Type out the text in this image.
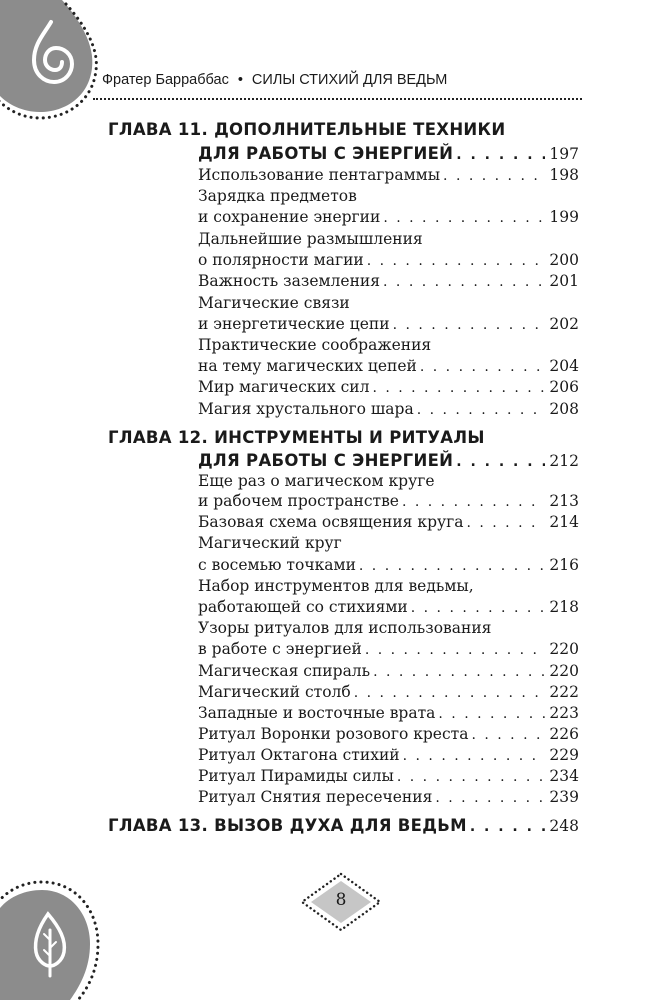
Фратер Барраббас • СИЛЫ СТИХИЙ ДЛЯ ВЕДЬМ
ГЛАВА 11. ДОПОЛНИТЕЛЬНЫЕ ТЕХНИКИ
ДЛЯ РАБОТЫ С ЭНЕРГИЕЙ . . .	197
Использование пентаграммы . . .	198
Зарядка предметов
и сохранение энергии . . .	199
Дальнейшие размышления
о полярности магии . . .	200
Важность заземления . . .	201
Магические связи
и энергетические цепи . . .	202
Практические соображения
на тему магических цепей . . .	204
Мир магических сил . . .	206
Магия хрустального шара . . .	208
ГЛАВА 12. ИНСТРУМЕНТЫ И РИТУАЛЫ
ДЛЯ РАБОТЫ С ЭНЕРГИЕЙ . . .	212
Еще раз о магическом круге
и рабочем пространстве . . .	213
Базовая схема освящения круга . . .	214
Магический круг
с восемью точками . . .	216
Набор инструментов для ведьмы,
работающей со стихиями . . .	218
Узоры ритуалов для использования
в работе с энергией . . .	220
Магическая спираль . . .	220
Магический столб . . .	222
Западные и восточные врата . . .	223
Ритуал Воронки розового креста . . .	226
Ритуал Октагона стихий . . .	229
Ритуал Пирамиды силы . . .	234
Ритуал Снятия пересечения . . .	239
ГЛАВА 13.
ВЫЗОВ ДУХА ДЛЯ ВЕДЬМ . . .	248
8
